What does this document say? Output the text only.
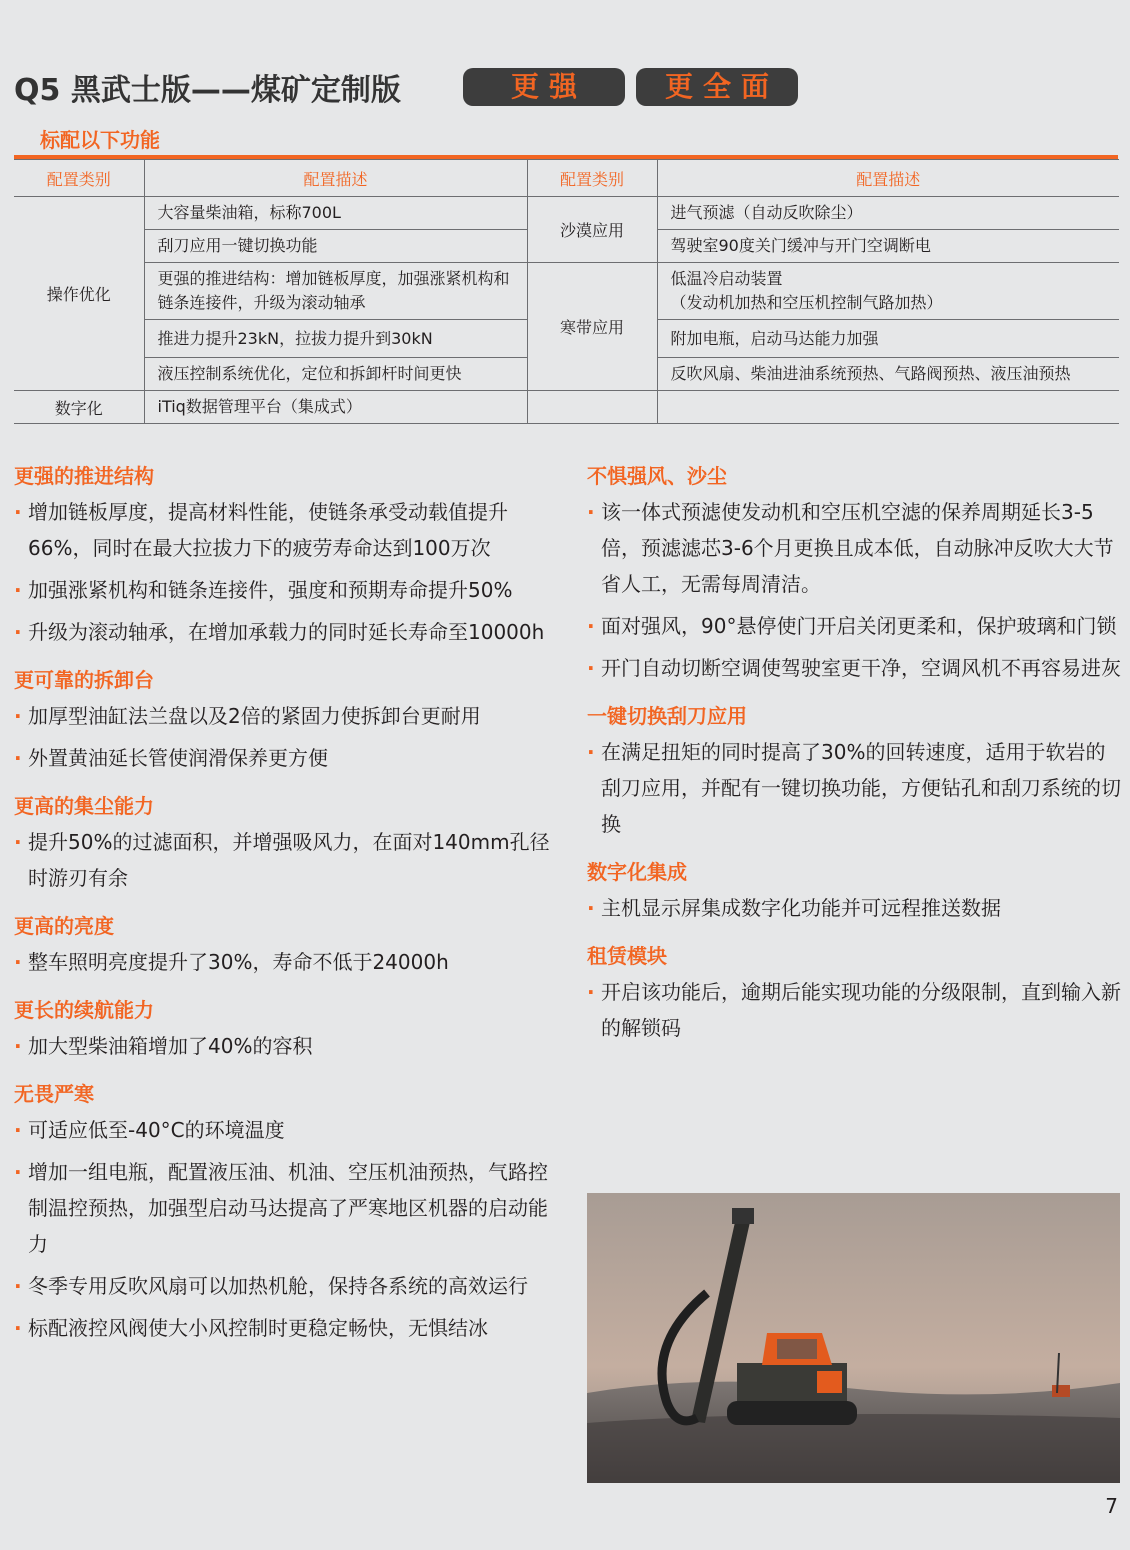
Q5 黑武士版——煤矿定制版	更强	更全面
标配以下功能
配置类别	配置描述	配置类别	配置描述
操作优化	大容量柴油箱，标称700L	沙漠应用	进气预滤（自动反吹除尘）
	刮刀应用一键切换功能		驾驶室90度关门缓冲与开门空调断电
	更强的推进结构：增加链板厚度，加强涨紧机构和链条连接件，升级为滚动轴承	寒带应用	低温冷启动装置
（发动机加热和空压机控制气路加热）
	推进力提升23kN，拉拔力提升到30kN		附加电瓶，启动马达能力加强
	液压控制系统优化，定位和拆卸杆时间更快		反吹风扇、柴油进油系统预热、气路阀预热、液压油预热
数字化	iTiq数据管理平台（集成式）		
更强的推进结构
· 增加链板厚度，提高材料性能，使链条承受动载值提升66%，同时在最大拉拔力下的疲劳寿命达到100万次
· 加强涨紧机构和链条连接件，强度和预期寿命提升50%
· 升级为滚动轴承，在增加承载力的同时延长寿命至10000h
更可靠的拆卸台
· 加厚型油缸法兰盘以及2倍的紧固力使拆卸台更耐用
· 外置黄油延长管使润滑保养更方便
更高的集尘能力
· 提升50%的过滤面积，并增强吸风力，在面对140mm孔径时游刃有余
更高的亮度
· 整车照明亮度提升了30%，寿命不低于24000h
更长的续航能力
· 加大型柴油箱增加了40%的容积
无畏严寒
· 可适应低至-40°C的环境温度
· 增加一组电瓶，配置液压油、机油、空压机油预热，气路控制温控预热，加强型启动马达提高了严寒地区机器的启动能力
· 冬季专用反吹风扇可以加热机舱，保持各系统的高效运行
· 标配液控风阀使大小风控制时更稳定畅快，无惧结冰
不惧强风、沙尘
· 该一体式预滤使发动机和空压机空滤的保养周期延长3-5倍，预滤滤芯3-6个月更换且成本低，自动脉冲反吹大大节省人工，无需每周清洁。
· 面对强风，90°悬停使门开启关闭更柔和，保护玻璃和门锁
· 开门自动切断空调使驾驶室更干净，空调风机不再容易进灰
一键切换刮刀应用
· 在满足扭矩的同时提高了30%的回转速度，适用于软岩的刮刀应用，并配有一键切换功能，方便钻孔和刮刀系统的切换
数字化集成
· 主机显示屏集成数字化功能并可远程推送数据
租赁模块
· 开启该功能后，逾期后能实现功能的分级限制，直到输入新的解锁码
7
